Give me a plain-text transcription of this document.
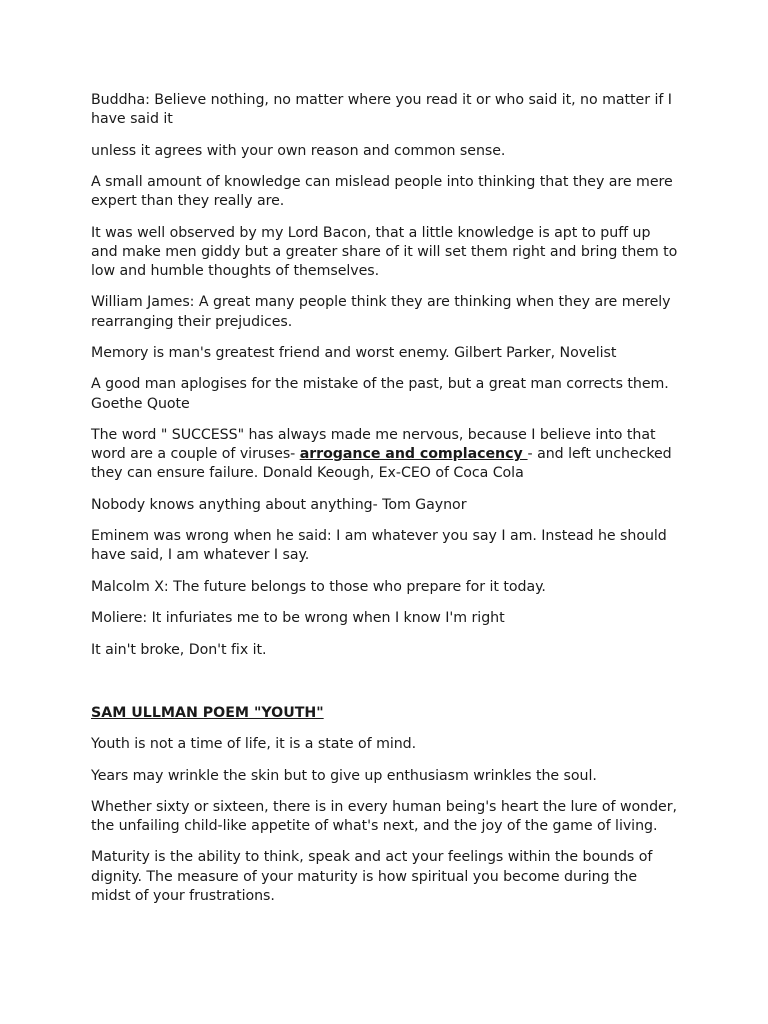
Buddha: Believe nothing, no matter where you read it or who said it, no matter if I have said it

unless it agrees with your own reason and common sense.

A small amount of knowledge can mislead people into thinking that they are mere expert than they really are.

It was well observed by my Lord Bacon, that a little knowledge is apt to puff up and make men giddy but a greater share of it will set them right and bring them to low and humble thoughts of themselves.

William James: A great many people think they are thinking when they are merely rearranging their prejudices.

Memory is man's greatest friend and worst enemy. Gilbert Parker, Novelist

A good man aplogises for the mistake of the past, but a great man corrects them. Goethe Quote

The word " SUCCESS" has always made me nervous, because I believe into that word are a couple of viruses- arrogance and complacency - and left unchecked they can ensure failure. Donald Keough, Ex-CEO of Coca Cola

Nobody knows anything about anything- Tom Gaynor

Eminem was wrong when he said: I am whatever you say I am. Instead he should have said, I am whatever I say.

Malcolm X: The future belongs to those who prepare for it today.

Moliere: It infuriates me to be wrong when I know I'm right

It ain't broke, Don't fix it.

SAM ULLMAN POEM "YOUTH"

Youth is not a time of life, it is a state of mind.

Years may wrinkle the skin but to give up enthusiasm wrinkles the soul.

Whether sixty or sixteen, there is in every human being's heart the lure of wonder, the unfailing child-like appetite of what's next, and the joy of the game of living.

Maturity is the ability to think, speak and act your feelings within the bounds of dignity. The measure of your maturity is how spiritual you become during the midst of your frustrations.
